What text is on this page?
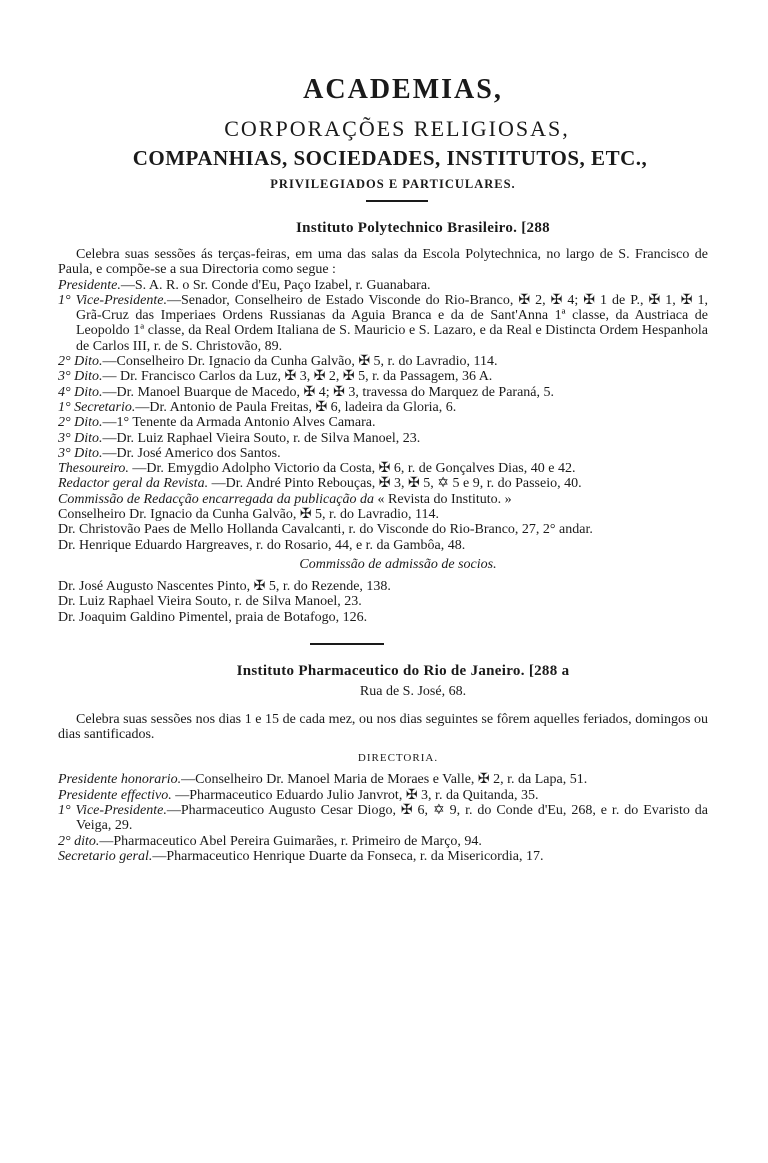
ACADEMIAS,
CORPORAÇÕES RELIGIOSAS,
COMPANHIAS, SOCIEDADES, INSTITUTOS, ETC.,
PRIVILEGIADOS E PARTICULARES.
Instituto Polytechnico Brasileiro. [288

Celebra suas sessões ás terças-feiras, em uma das salas da Escola Polytechnica, no largo de S. Francisco de Paula, e compõe-se a sua Directoria como segue :

Presidente.—S. A. R. o Sr. Conde d'Eu, Paço Izabel, r. Guanabara.

1° Vice-Presidente.—Senador, Conselheiro de Estado Visconde do Rio-Branco, ✠ 2, ✠ 4; ✠ 1 de P., ✠ 1, ✠ 1, Grã-Cruz das Imperiaes Ordens Russianas da Aguia Branca e da de Sant'Anna 1ª classe, da Austriaca de Leopoldo 1ª classe, da Real Ordem Italiana de S. Mauricio e S. Lazaro, e da Real e Distincta Ordem Hespanhola de Carlos III, r. de S. Christovão, 89.

2° Dito.—Conselheiro Dr. Ignacio da Cunha Galvão, ✠ 5, r. do Lavradio, 114.

3° Dito.— Dr. Francisco Carlos da Luz, ✠ 3, ✠ 2, ✠ 5, r. da Passagem, 36 A.

4° Dito.—Dr. Manoel Buarque de Macedo, ✠ 4; ✠ 3, travessa do Marquez de Paraná, 5.

1° Secretario.—Dr. Antonio de Paula Freitas, ✠ 6, ladeira da Gloria, 6.

2° Dito.—1° Tenente da Armada Antonio Alves Camara.

3° Dito.—Dr. Luiz Raphael Vieira Souto, r. de Silva Manoel, 23.

3° Dito.—Dr. José Americo dos Santos.

Thesoureiro. —Dr. Emygdio Adolpho Victorio da Costa, ✠ 6, r. de Gonçalves Dias, 40 e 42.

Redactor geral da Revista. —Dr. André Pinto Rebouças, ✠ 3, ✠ 5, ✡ 5 e 9, r. do Passeio, 40.

Commissão de Redacção encarregada da publicação da « Revista do Instituto. »

Conselheiro Dr. Ignacio da Cunha Galvão, ✠ 5, r. do Lavradio, 114.

Dr. Christovão Paes de Mello Hollanda Cavalcanti, r. do Visconde do Rio-Branco, 27, 2° andar.

Dr. Henrique Eduardo Hargreaves, r. do Rosario, 44, e r. da Gambôa, 48.

Commissão de admissão de socios.

Dr. José Augusto Nascentes Pinto, ✠ 5, r. do Rezende, 138.

Dr. Luiz Raphael Vieira Souto, r. de Silva Manoel, 23.

Dr. Joaquim Galdino Pimentel, praia de Botafogo, 126.

Instituto Pharmaceutico do Rio de Janeiro. [288 a
Rua de S. José, 68.

Celebra suas sessões nos dias 1 e 15 de cada mez, ou nos dias seguintes se fôrem aquelles feriados, domingos ou dias santificados.

DIRECTORIA.

Presidente honorario.—Conselheiro Dr. Manoel Maria de Moraes e Valle, ✠ 2, r. da Lapa, 51.

Presidente effectivo. —Pharmaceutico Eduardo Julio Janvrot, ✠ 3, r. da Quitanda, 35.

1° Vice-Presidente.—Pharmaceutico Augusto Cesar Diogo, ✠ 6, ✡ 9, r. do Conde d'Eu, 268, e r. do Evaristo da Veiga, 29.

2° dito.—Pharmaceutico Abel Pereira Guimarães, r. Primeiro de Março, 94.

Secretario geral.—Pharmaceutico Henrique Duarte da Fonseca, r. da Misericordia, 17.
